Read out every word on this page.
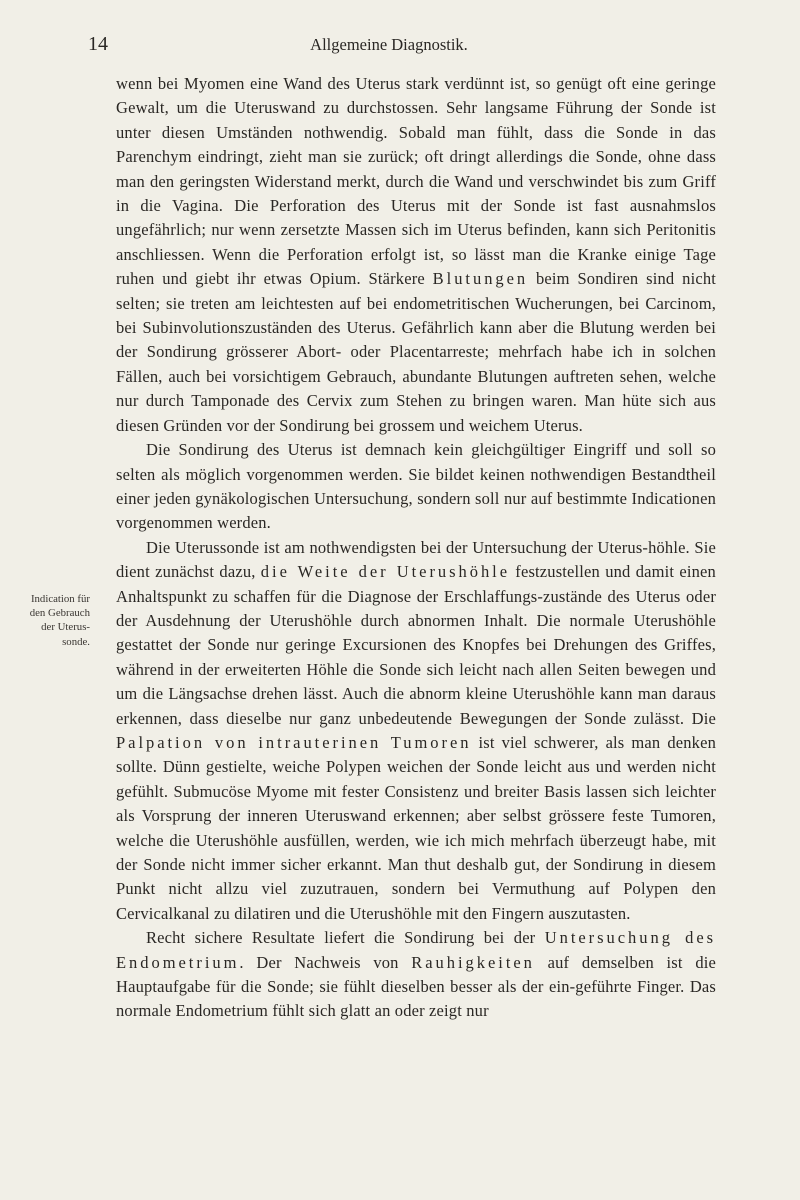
14	Allgemeine Diagnostik.
Indication für
den Gebrauch
der Uterus-
sonde.

wenn bei Myomen eine Wand des Uterus stark verdünnt ist, so genügt oft eine geringe Gewalt, um die Uteruswand zu durchstossen. Sehr langsame Führung der Sonde ist unter diesen Umständen nothwendig. Sobald man fühlt, dass die Sonde in das Parenchym eindringt, zieht man sie zurück; oft dringt allerdings die Sonde, ohne dass man den geringsten Widerstand merkt, durch die Wand und verschwindet bis zum Griff in die Vagina. Die Perforation des Uterus mit der Sonde ist fast ausnahmslos ungefährlich; nur wenn zersetzte Massen sich im Uterus befinden, kann sich Peritonitis anschliessen. Wenn die Perforation erfolgt ist, so lässt man die Kranke einige Tage ruhen und giebt ihr etwas Opium. Stärkere Blutungen beim Sondiren sind nicht selten; sie treten am leichtesten auf bei endometritischen Wucherungen, bei Carcinom, bei Subinvolutionszuständen des Uterus. Gefährlich kann aber die Blutung werden bei der Sondirung grösserer Abort- oder Placentarreste; mehrfach habe ich in solchen Fällen, auch bei vorsichtigem Gebrauch, abundante Blutungen auftreten sehen, welche nur durch Tamponade des Cervix zum Stehen zu bringen waren. Man hüte sich aus diesen Gründen vor der Sondirung bei grossem und weichem Uterus.

Die Sondirung des Uterus ist demnach kein gleichgültiger Eingriff und soll so selten als möglich vorgenommen werden. Sie bildet keinen nothwendigen Bestandtheil einer jeden gynäkologischen Untersuchung, sondern soll nur auf bestimmte Indicationen vorgenommen werden.

Die Uterussonde ist am nothwendigsten bei der Untersuchung der Uterus-höhle. Sie dient zunächst dazu, die Weite der Uterushöhle festzustellen und damit einen Anhaltspunkt zu schaffen für die Diagnose der Erschlaffungs-zustände des Uterus oder der Ausdehnung der Uterushöhle durch abnormen Inhalt. Die normale Uterushöhle gestattet der Sonde nur geringe Excursionen des Knopfes bei Drehungen des Griffes, während in der erweiterten Höhle die Sonde sich leicht nach allen Seiten bewegen und um die Längsachse drehen lässt. Auch die abnorm kleine Uterushöhle kann man daraus erkennen, dass dieselbe nur ganz unbedeutende Bewegungen der Sonde zulässt. Die Palpation von intrauterinen Tumoren ist viel schwerer, als man denken sollte. Dünn gestielte, weiche Polypen weichen der Sonde leicht aus und werden nicht gefühlt. Submucöse Myome mit fester Consistenz und breiter Basis lassen sich leichter als Vorsprung der inneren Uteruswand erkennen; aber selbst grössere feste Tumoren, welche die Uterushöhle ausfüllen, werden, wie ich mich mehrfach überzeugt habe, mit der Sonde nicht immer sicher erkannt. Man thut deshalb gut, der Sondirung in diesem Punkt nicht allzu viel zuzutrauen, sondern bei Vermuthung auf Polypen den Cervicalkanal zu dilatiren und die Uterushöhle mit den Fingern auszutasten.

Recht sichere Resultate liefert die Sondirung bei der Untersuchung des Endometrium. Der Nachweis von Rauhigkeiten auf demselben ist die Hauptaufgabe für die Sonde; sie fühlt dieselben besser als der ein-geführte Finger. Das normale Endometrium fühlt sich glatt an oder zeigt nur
